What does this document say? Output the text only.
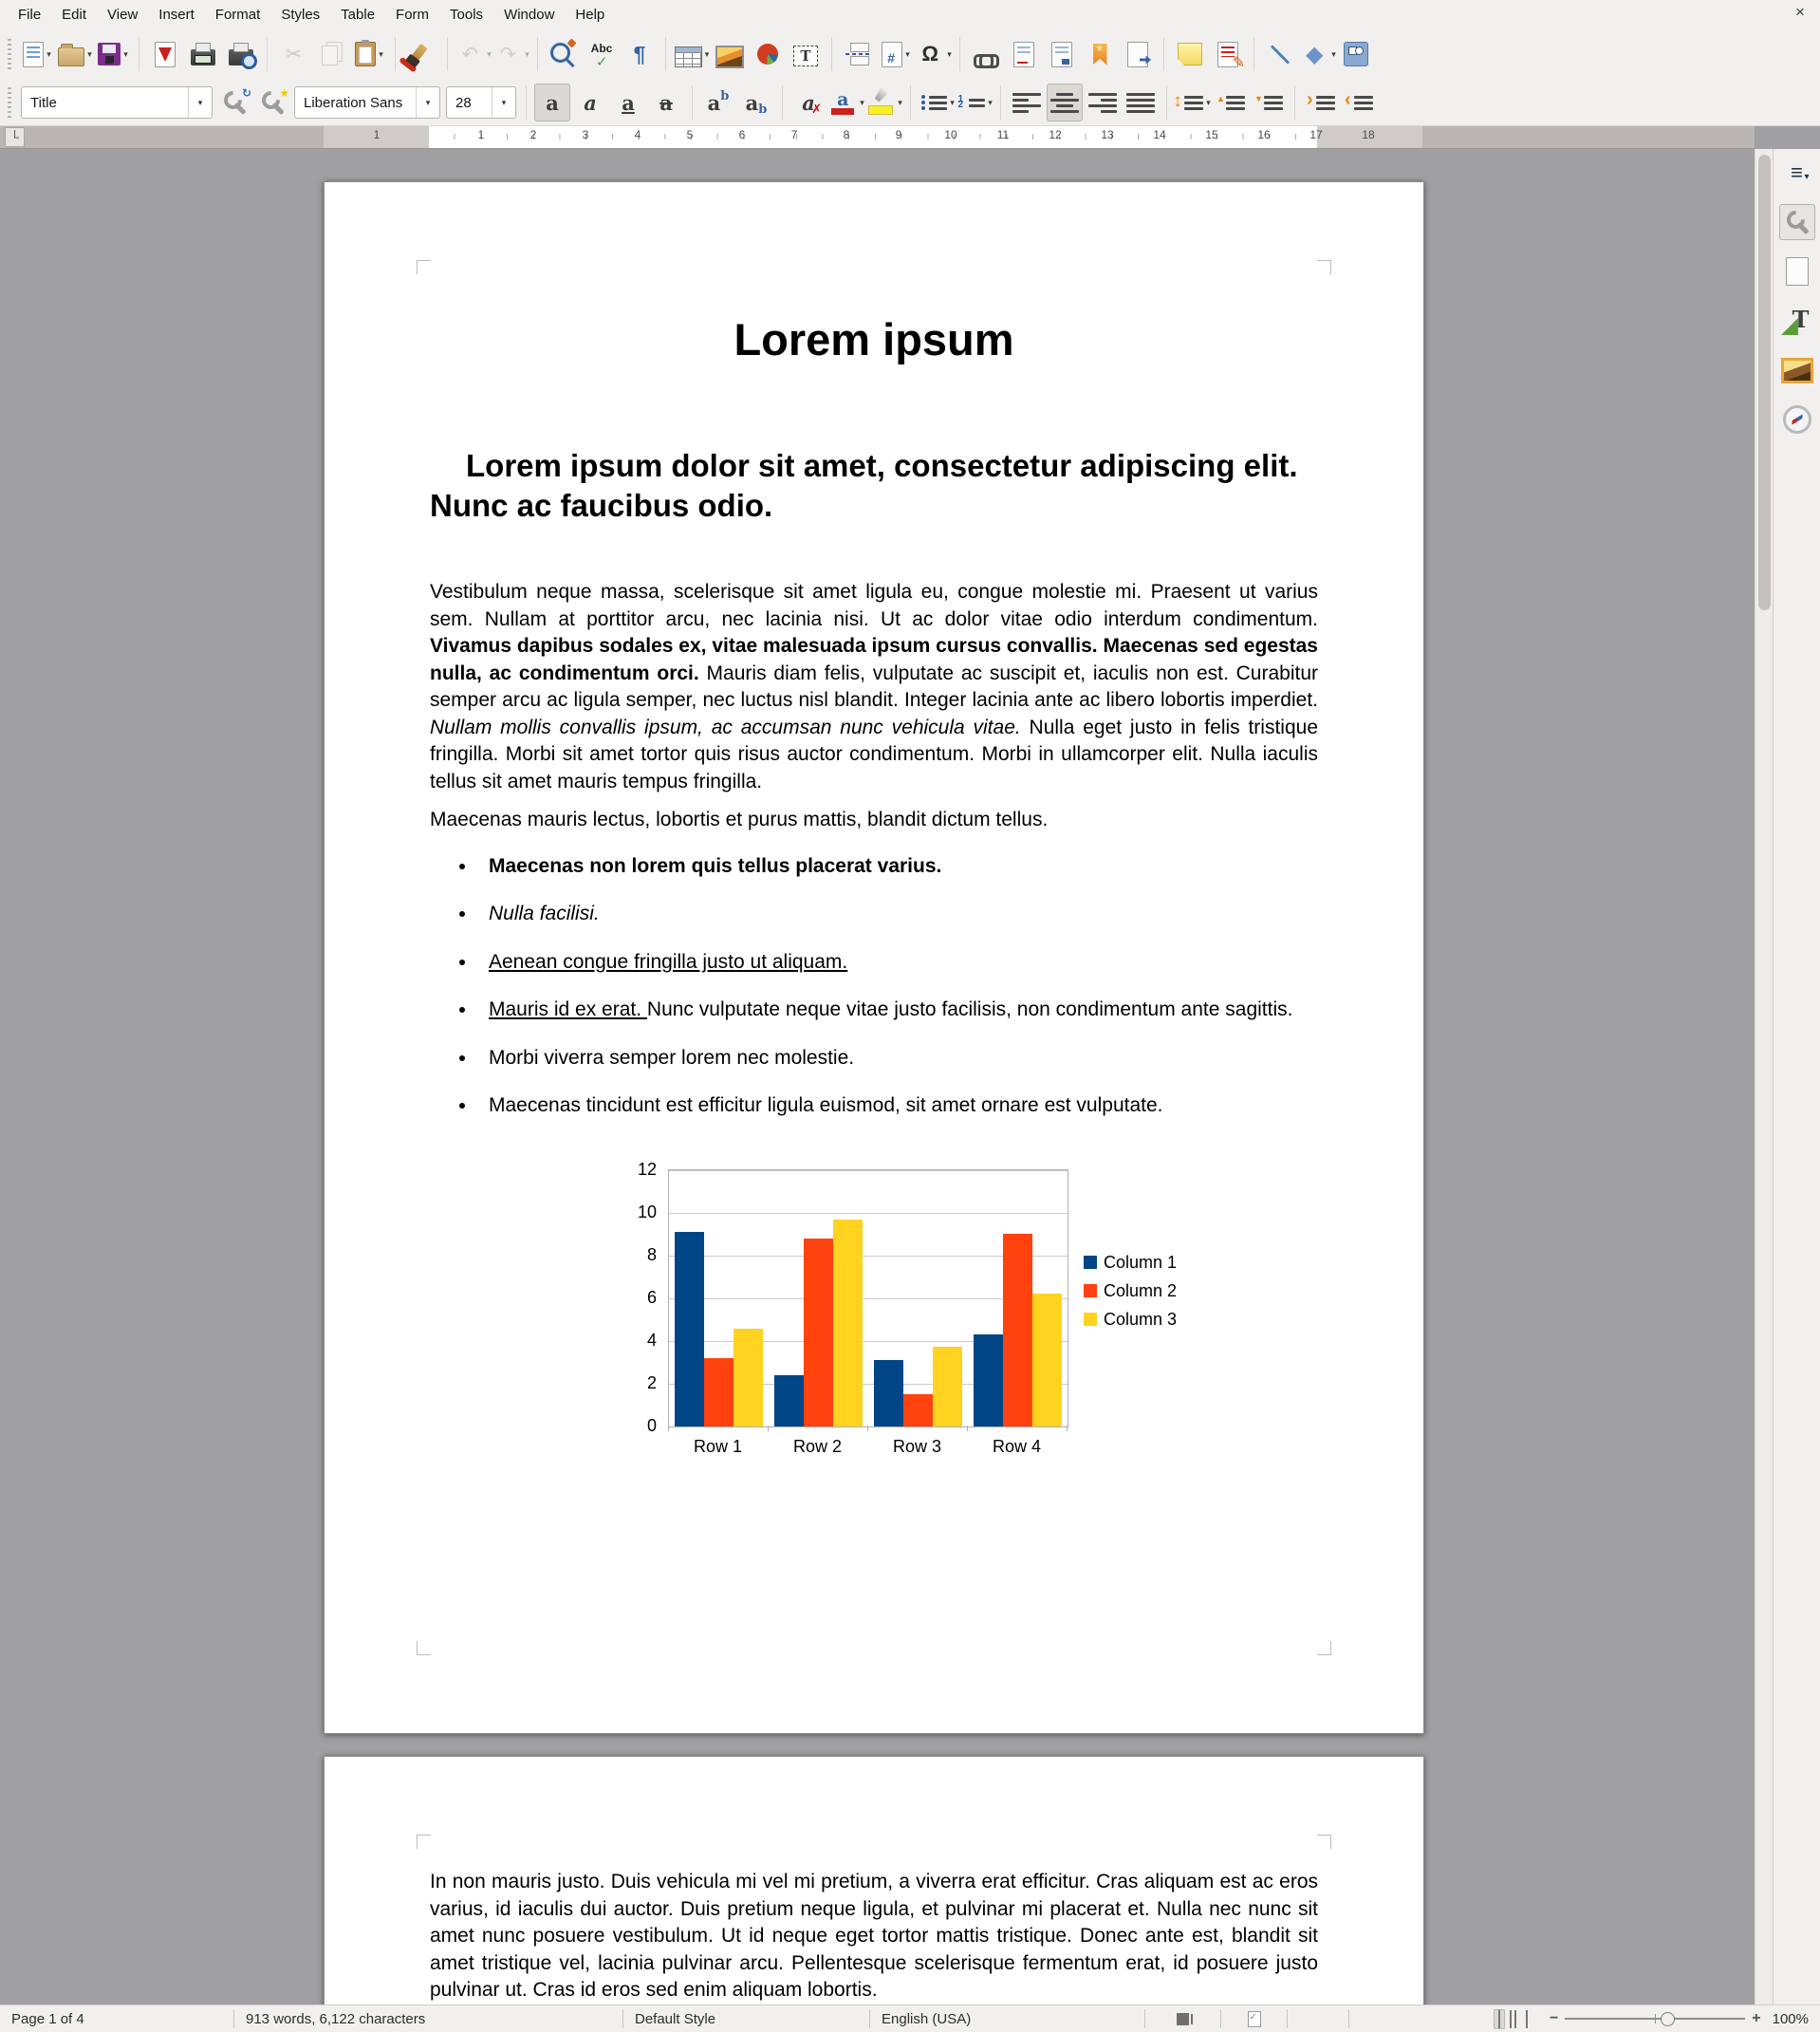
File	Edit	View	Insert	Format	Styles	Table	Form	Tools	Window	Help	×
▾	▾	▾	✂	▾	↶	▾ ↷	▾ Abc ✓ ¶	▾ T #	▾ Ω	▾ ★ ✎ ◆	▾
Title	▾
↻ ★
Liberation Sans	▾	28	▾ a a a a a b a b a ✗ a	▾	▾	▾ 1 2	▾ ↕	▾
▲
▼
›
‹
└	1	1	2	3	4	5	6	7	8	9	10	11	12	13	14	15	16	17	18
Lorem ipsum
Lorem ipsum dolor sit amet, consectetur adipiscing elit. Nunc ac faucibus odio.

Vestibulum neque massa, scelerisque sit amet ligula eu, congue molestie mi. Praesent ut varius sem. Nullam at porttitor arcu, nec lacinia nisi. Ut ac dolor vitae odio interdum condimentum. Vivamus dapibus sodales ex, vitae malesuada ipsum cursus convallis. Maecenas sed egestas nulla, ac condimentum orci. Mauris diam felis, vulputate ac suscipit et, iaculis non est. Curabitur semper arcu ac ligula semper, nec luctus nisl blandit. Integer lacinia ante ac libero lobortis imperdiet. Nullam mollis convallis ipsum, ac accumsan nunc vehicula vitae. Nulla eget justo in felis tristique fringilla. Morbi sit amet tortor quis risus auctor condimentum. Morbi in ullamcorper elit. Nulla iaculis tellus sit amet mauris tempus fringilla.

Maecenas mauris lectus, lobortis et purus mattis, blandit dictum tellus.

• Maecenas non lorem quis tellus placerat varius.
• Nulla facilisi.
• Aenean congue fringilla justo ut aliquam.
• Mauris id ex erat. Nunc vulputate neque vitae justo facilisis, non condimentum ante sagittis.
• Morbi viverra semper lorem nec molestie.
• Maecenas tincidunt est efficitur ligula euismod, sit amet ornare est vulputate.
0
2
4
6
8
10
12
Row 1	Row 2	Row 3	Row 4
Column 1
Column 2
Column 3

In non mauris justo. Duis vehicula mi vel mi pretium, a viverra erat efficitur. Cras aliquam est ac eros varius, id iaculis dui auctor. Duis pretium neque ligula, et pulvinar mi placerat et. Nulla nec nunc sit amet nunc posuere vestibulum. Ut id neque eget tortor mattis tristique. Donec ante est, blandit sit amet tristique vel, lacinia pulvinar arcu. Pellentesque scelerisque fermentum erat, id posuere justo pulvinar ut. Cras id eros sed enim aliquam lobortis.

≡ ▾
T
Page 1 of 4	913 words, 6,122 characters	Default Style	English (USA) ✓	−	+ 100%
